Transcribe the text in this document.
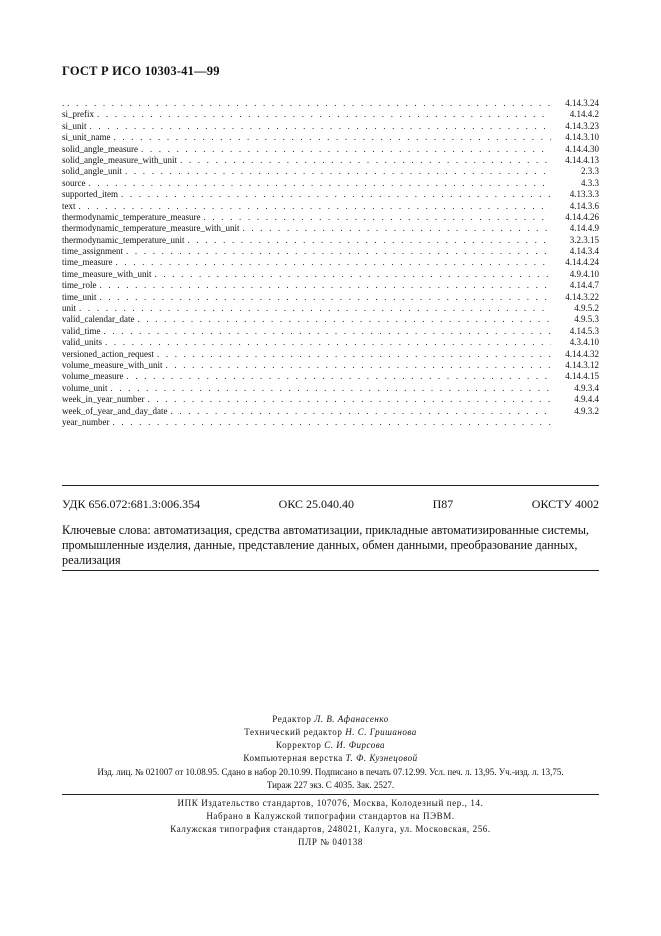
ГОСТ Р ИСО 10303-41—99
. . . .	4.14.3.24
si_prefix . . .	4.14.4.2
si_unit . . .	4.14.3.23
si_unit_name . . .	4.14.3.10
solid_angle_measure . . .	4.14.4.30
solid_angle_measure_with_unit . . .	4.14.4.13
solid_angle_unit . . .	2.3.3
source . . .	4.3.3
supported_item . . .	4.13.3.3
text . . .	4.14.3.6
thermodynamic_temperature_measure . . .	4.14.4.26
thermodynamic_temperature_measure_with_unit . . .	4.14.4.9
thermodynamic_temperature_unit . . .	3.2.3.15
time_assignment . . .	4.14.3.4
time_measure . . .	4.14.4.24
time_measure_with_unit . . .	4.9.4.10
time_role . . .	4.14.4.7
time_unit . . .	4.14.3.22
unit . . .	4.9.5.2
valid_calendar_date . . .	4.9.5.3
valid_time . . .	4.14.5.3
valid_units . . .	4.3.4.10
versioned_action_request . . .	4.14.4.32
volume_measure_with_unit . . .	4.14.3.12
volume_measure . . .	4.14.4.15
volume_unit . . .	4.9.3.4
week_in_year_number . . .	4.9.4.4
week_of_year_and_day_date . . .	4.9.3.2
year_number
. . .
УДК 656.072:681.3:006.354	ОКС 25.040.40	П87	ОКСТУ 4002
Ключевые слова: автоматизация, средства автоматизации, прикладные автоматизированные системы, промышленные изделия, данные, представление данных, обмен данными, преобразование данных, реализация
Редактор Л. В. Афанасенко
Технический редактор Н. С. Гришанова
Корректор С. И. Фирсова
Компьютерная верстка Т. Ф. Кузнецовой
Изд. лиц. № 021007 от 10.08.95. Сдано в набор 20.10.99. Подписано в печать 07.12.99. Усл. печ. л. 13,95. Уч.-изд. л. 13,75.
Тираж 227 экз. С 4035. Зак. 2527.
ИПК Издательство стандартов, 107076, Москва, Колодезный пер., 14.
Набрано в Калужской типографии стандартов на ПЭВМ.
Калужская типография стандартов, 248021, Калуга, ул. Московская, 256.
ПЛР № 040138
